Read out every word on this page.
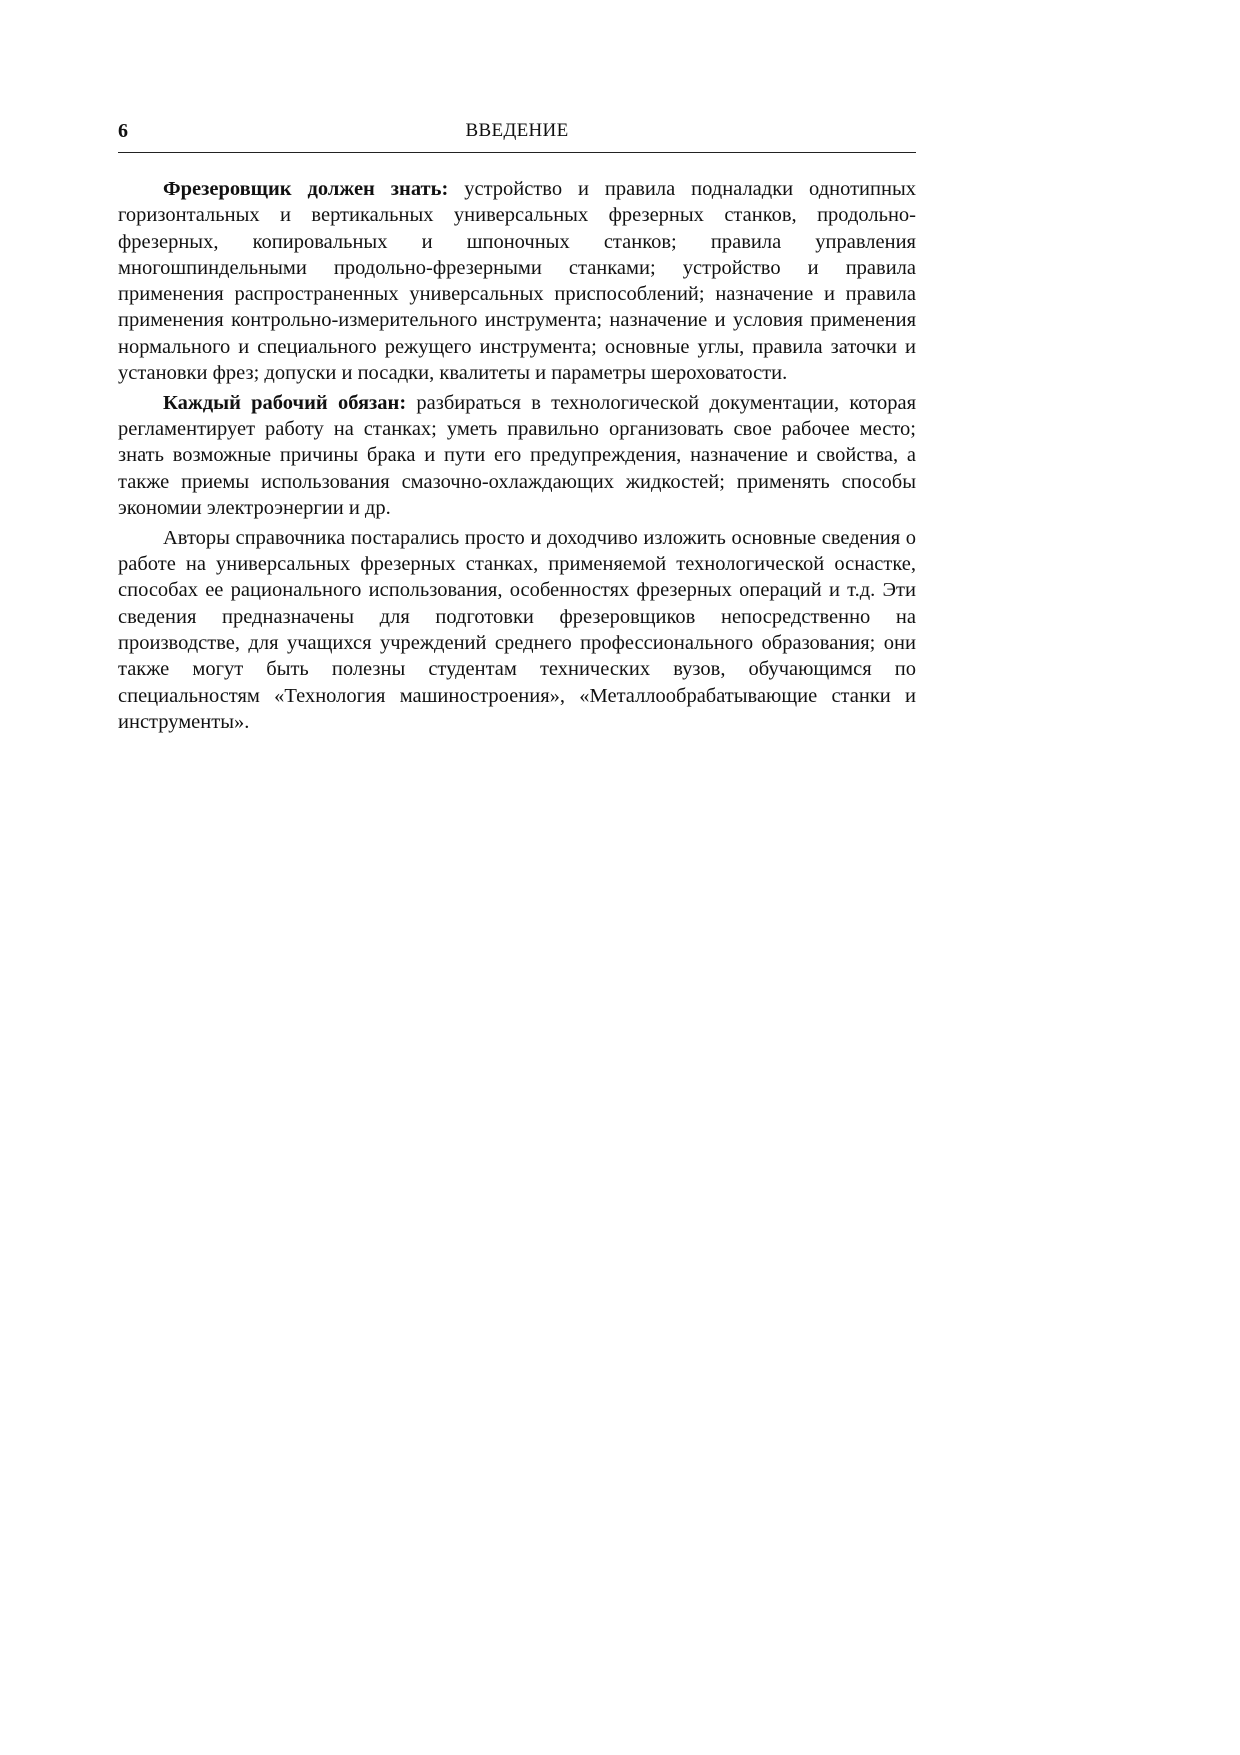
6	ВВЕДЕНИЕ

Фрезеровщик должен знать: устройство и правила подналадки однотипных горизонтальных и вертикальных универсальных фрезерных станков, продольно-фрезерных, копировальных и шпоночных станков; правила управления многошпиндельными продольно-фрезерными станками; устройство и правила применения распространенных универсальных приспособлений; назначение и правила применения контрольно-измерительного инструмента; назначение и условия применения нормального и специального режущего инструмента; основные углы, правила заточки и установки фрез; допуски и посадки, квалитеты и параметры шероховатости.

Каждый рабочий обязан: разбираться в технологической документации, которая регламентирует работу на станках; уметь правильно организовать свое рабочее место; знать возможные причины брака и пути его предупреждения, назначение и свойства, а также приемы использования смазочно-охлаждающих жидкостей; применять способы экономии электроэнергии и др.

Авторы справочника постарались просто и доходчиво изложить основные сведения о работе на универсальных фрезерных станках, применяемой технологической оснастке, способах ее рационального использования, особенностях фрезерных операций и т.д. Эти сведения предназначены для подготовки фрезеровщиков непосредственно на производстве, для учащихся учреждений среднего профессионального образования; они также могут быть полезны студентам технических вузов, обучающимся по специальностям «Технология машиностроения», «Металлообрабатывающие станки и инструменты».
